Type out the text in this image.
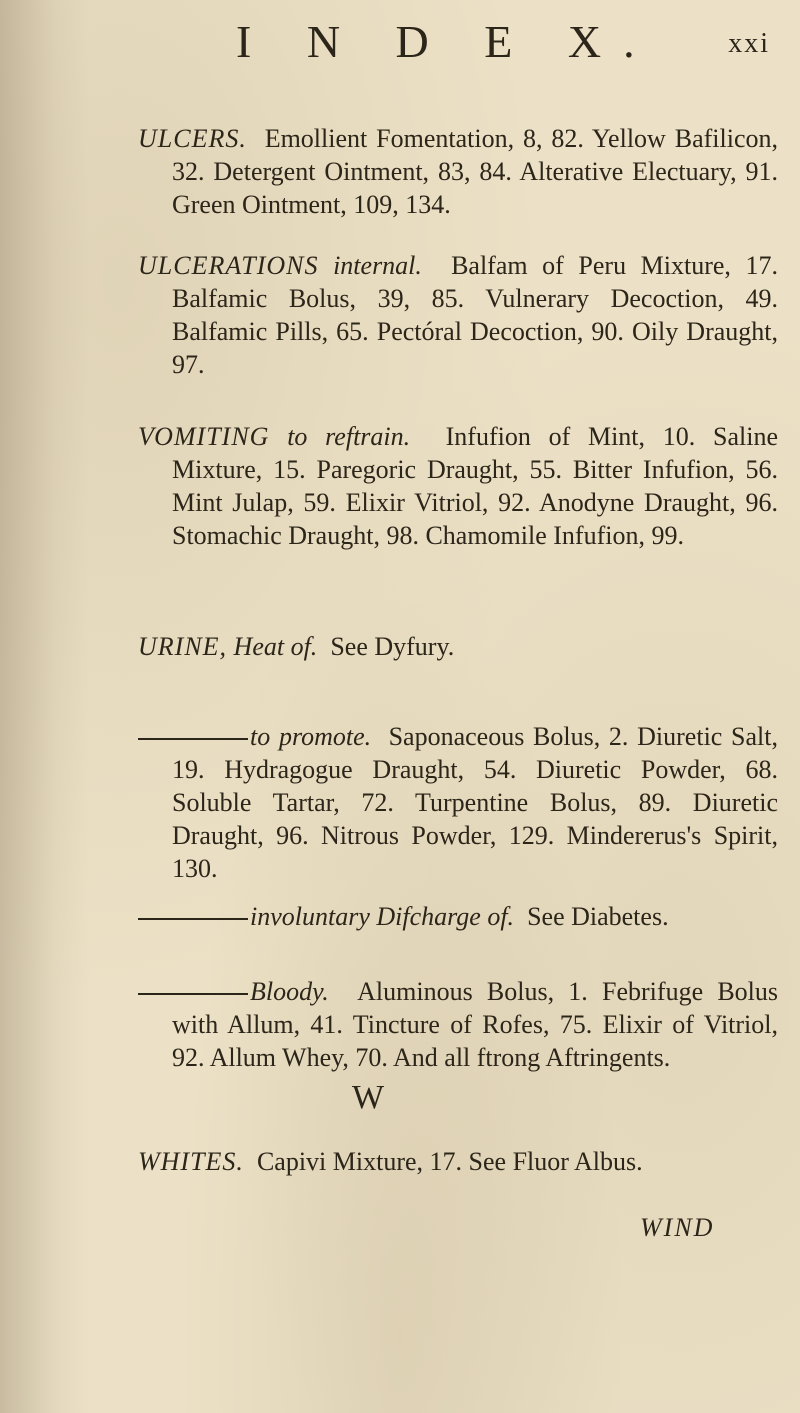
I N D E X.	xxi

ULCERS. Emollient Fomentation, 8, 82. Yellow Bafilicon, 32. Detergent Ointment, 83, 84. Alterative Electuary, 91. Green Ointment, 109, 134.

ULCERATIONS internal. Balfam of Peru Mixture, 17. Balfamic Bolus, 39, 85. Vulnerary Decoction, 49. Balfamic Pills, 65. Pectóral Decoction, 90. Oily Draught, 97.

VOMITING to reftrain. Infufion of Mint, 10. Saline Mixture, 15. Paregoric Draught, 55. Bitter Infufion, 56. Mint Julap, 59. Elixir Vitriol, 92. Anodyne Draught, 96. Stomachic Draught, 98. Chamomile Infufion, 99.

URINE, Heat of. See Dyfury.

to promote. Saponaceous Bolus, 2. Diuretic Salt, 19. Hydragogue Draught, 54. Diuretic Powder, 68. Soluble Tartar, 72. Turpentine Bolus, 89. Diuretic Draught, 96. Nitrous Powder, 129. Mindererus's Spirit, 130.

involuntary Difcharge of. See Diabetes.

Bloody. Aluminous Bolus, 1. Febrifuge Bolus with Allum, 41. Tincture of Rofes, 75. Elixir of Vitriol, 92. Allum Whey, 70. And all ftrong Aftringents.

W

WHITES. Capivi Mixture, 17. See Fluor Albus.

WIND
